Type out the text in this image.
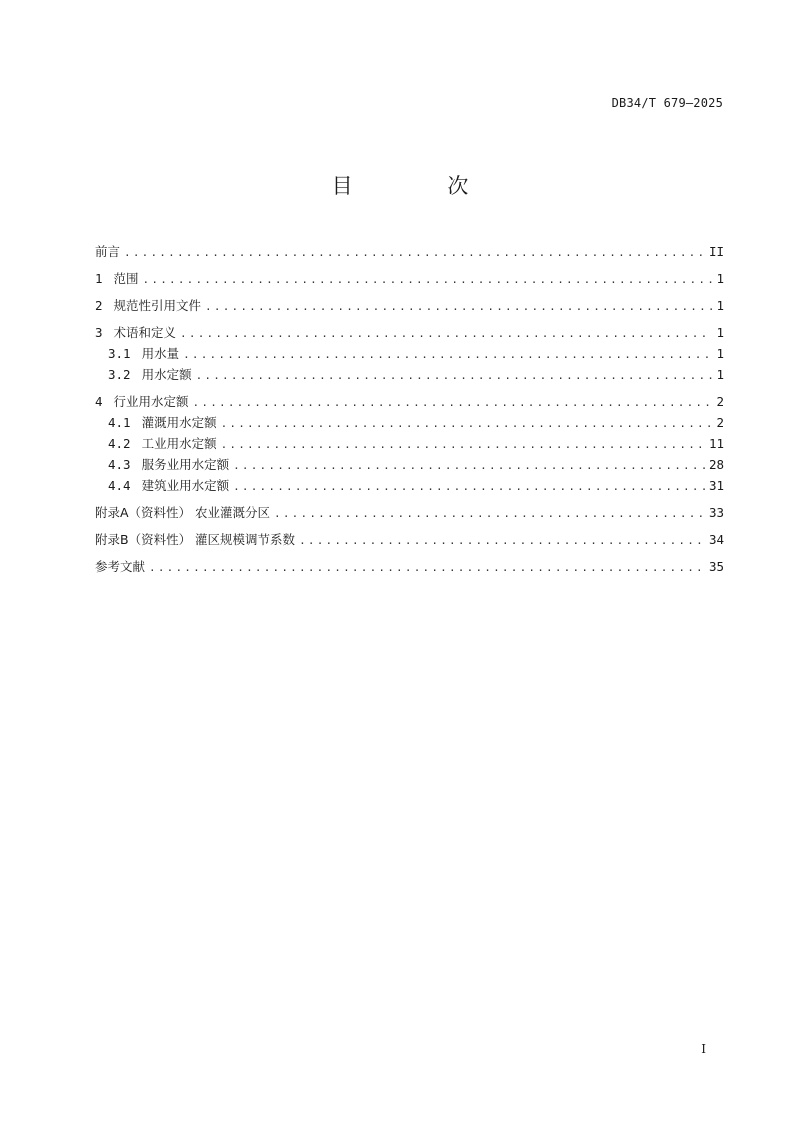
DB34/T 679—2025
目 次
前言 .....	II
1 范围 .....	1
2 规范性引用文件 .....	1
3 术语和定义 .....	1
3.1 用水量 .....	1
3.2 用水定额 .....	1
4 行业用水定额 .....	2
4.1 灌溉用水定额 .....	2
4.2 工业用水定额 .....	11
4.3 服务业用水定额 .....	28
4.4 建筑业用水定额 .....	31
附录A（资料性） 农业灌溉分区 .....	33
附录B（资料性） 灌区规模调节系数 .....	34
参考文献 .....	35
I
